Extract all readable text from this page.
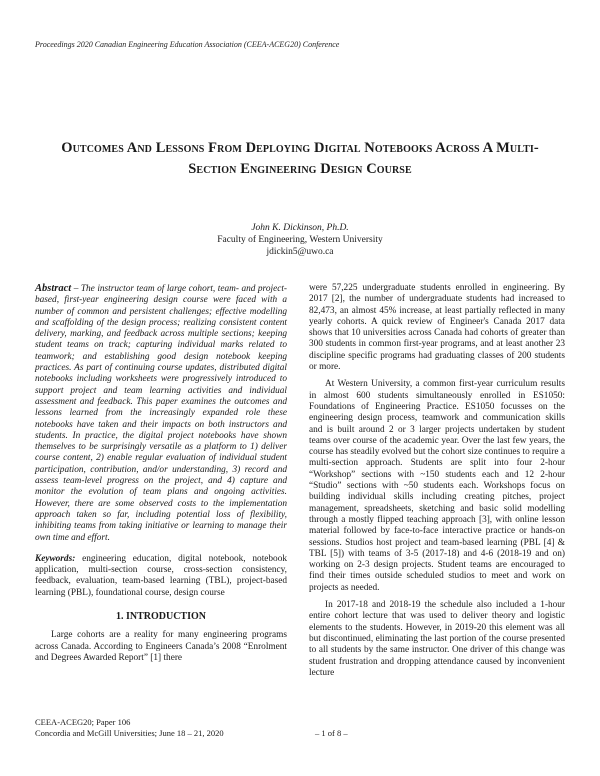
Proceedings 2020 Canadian Engineering Education Association (CEEA-ACEG20) Conference
Outcomes And Lessons From Deploying Digital Notebooks Across A Multi-Section Engineering Design Course
John K. Dickinson, Ph.D.
Faculty of Engineering, Western University
jdickin5@uwo.ca

Abstract – The instructor team of large cohort, team- and project-based, first-year engineering design course were faced with a number of common and persistent challenges; effective modelling and scaffolding of the design process; realizing consistent content delivery, marking, and feedback across multiple sections; keeping student teams on track; capturing individual marks related to teamwork; and establishing good design notebook keeping practices. As part of continuing course updates, distributed digital notebooks including worksheets were progressively introduced to support project and team learning activities and individual assessment and feedback. This paper examines the outcomes and lessons learned from the increasingly expanded role these notebooks have taken and their impacts on both instructors and students. In practice, the digital project notebooks have shown themselves to be surprisingly versatile as a platform to 1) deliver course content, 2) enable regular evaluation of individual student participation, contribution, and/or understanding, 3) record and assess team-level progress on the project, and 4) capture and monitor the evolution of team plans and ongoing activities. However, there are some observed costs to the implementation approach taken so far, including potential loss of flexibility, inhibiting teams from taking initiative or learning to manage their own time and effort.

Keywords: engineering education, digital notebook, notebook application, multi-section course, cross-section consistency, feedback, evaluation, team-based learning (TBL), project-based learning (PBL), foundational course, design course

1. INTRODUCTION

Large cohorts are a reality for many engineering programs across Canada. According to Engineers Canada’s 2008 “Enrolment and Degrees Awarded Report” [1] there

were 57,225 undergraduate students enrolled in engineering. By 2017 [2], the number of undergraduate students had increased to 82,473, an almost 45% increase, at least partially reflected in many yearly cohorts. A quick review of Engineer's Canada 2017 data shows that 10 universities across Canada had cohorts of greater than 300 students in common first-year programs, and at least another 23 discipline specific programs had graduating classes of 200 students or more.

At Western University, a common first-year curriculum results in almost 600 students simultaneously enrolled in ES1050: Foundations of Engineering Practice. ES1050 focusses on the engineering design process, teamwork and communication skills and is built around 2 or 3 larger projects undertaken by student teams over course of the academic year. Over the last few years, the course has steadily evolved but the cohort size continues to require a multi-section approach. Students are split into four 2-hour “Workshop” sections with ~150 students each and 12 2-hour “Studio” sections with ~50 students each. Workshops focus on building individual skills including creating pitches, project management, spreadsheets, sketching and basic solid modelling through a mostly flipped teaching approach [3], with online lesson material followed by face-to-face interactive practice or hands-on sessions. Studios host project and team-based learning (PBL [4] & TBL [5]) with teams of 3-5 (2017-18) and 4-6 (2018-19 and on) working on 2-3 design projects. Student teams are encouraged to find their times outside scheduled studios to meet and work on projects as needed.

In 2017-18 and 2018-19 the schedule also included a 1-hour entire cohort lecture that was used to deliver theory and logistic elements to the students. However, in 2019-20 this element was all but discontinued, eliminating the last portion of the course presented to all students by the same instructor. One driver of this change was student frustration and dropping attendance caused by inconvenient lecture

CEEA-ACEG20; Paper 106
Concordia and McGill Universities; June 18 – 21, 2020	– 1 of 8 –
